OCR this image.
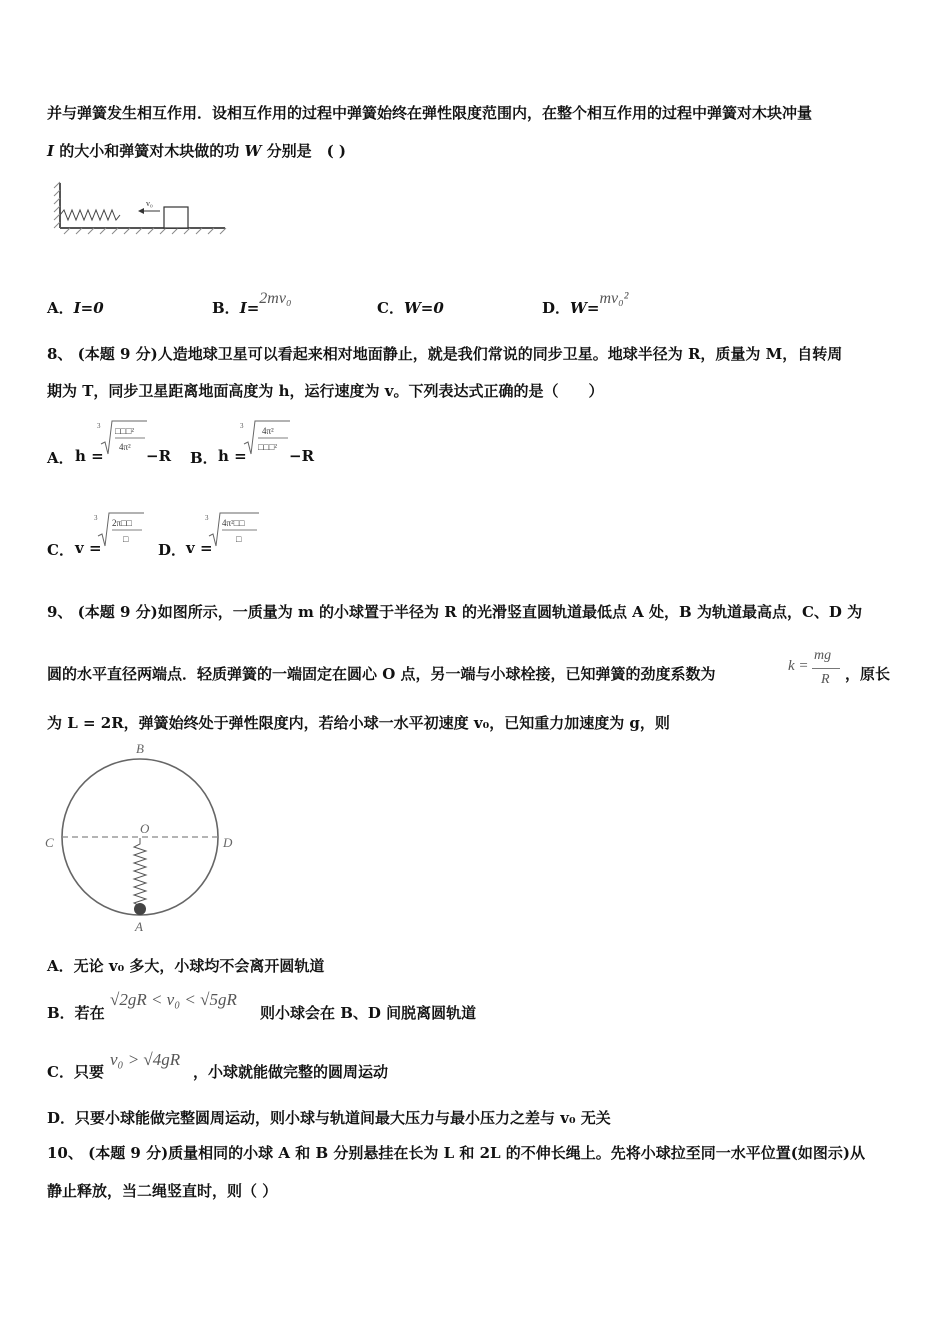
并与弹簧发生相互作用．设相互作用的过程中弹簧始终在弹性限度范围内，在整个相互作用的过程中弹簧对木块冲量
I 的大小和弹簧对木块做的功 W 分别是　( )
v₀
A．I=0	B．I=2mv₀
C．W=0	D．W=mv₀²
8、 (本题 9 分)人造地球卫星可以看起来相对地面静止，就是我们常说的同步卫星。地球半径为 R，质量为 M，自转周
期为 T，同步卫星距离地面高度为 h，运行速度为 v。下列表达式正确的是（　　）
A． h =
3 □□□²
4π² −R B． h =
3 4π²
□□□² −R
C． v =
3 2π□□
□
D． v =
3 4π²□□
□
9、 (本题 9 分)如图所示，一质量为 m 的小球置于半径为 R 的光滑竖直圆轨道最低点 A 处，B 为轨道最高点，C、D 为
圆的水平直径两端点．轻质弹簧的一端固定在圆心 O 点，另一端与小球栓接，已知弹簧的劲度系数为	k =
mg
R ，原长
为 L = 2R，弹簧始终处于弹性限度内，若给小球一水平初速度 v₀，已知重力加速度为 g，则
B
C	D
O
A
A．无论 v₀ 多大，小球均不会离开圆轨道
B．若在
√2gR < v₀ < √5gR
则小球会在 B、D 间脱离圆轨道
C．只要
v₀ > √4gR
，小球就能做完整的圆周运动
D．只要小球能做完整圆周运动，则小球与轨道间最大压力与最小压力之差与 v₀ 无关
10、 (本题 9 分)质量相同的小球 A 和 B 分别悬挂在长为 L 和 2L 的不伸长绳上。先将小球拉至同一水平位置(如图示)从
静止释放，当二绳竖直时，则（ ）
